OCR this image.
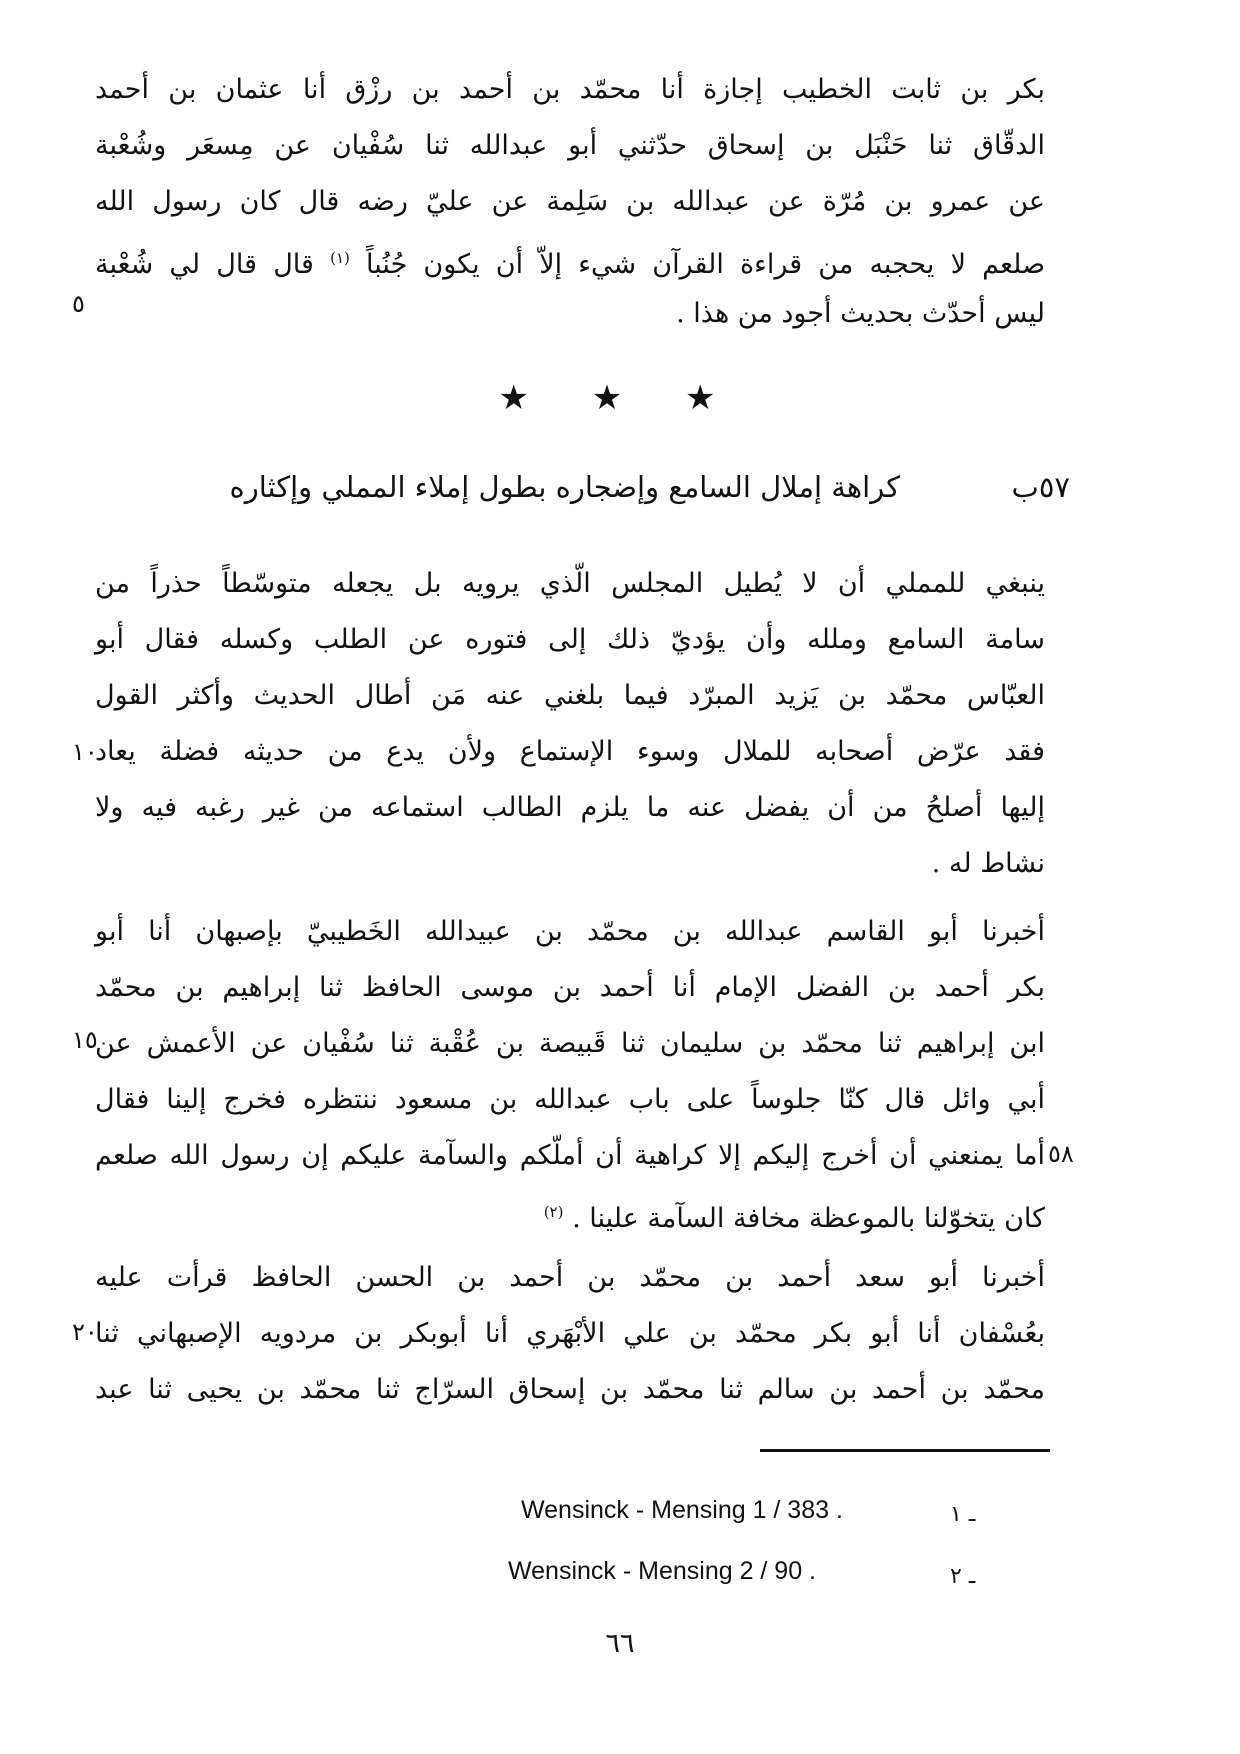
بكر بن ثابت الخطيب إجازة أنا محمّد بن أحمد بن رزْق أنا عثمان بن أحمد
الدقّاق ثنا حَنْبَل بن إسحاق حدّثني أبو عبدالله ثنا سُفْيان عن مِسعَر وشُعْبة
عن عمرو بن مُرّة عن عبدالله بن سَلِمة عن عليّ رضه قال كان رسول الله
صلعم لا يحجبه من قراءة القرآن شيء إلاّ أن يكون جُنُباً $^{(١)}$ قال قال لي شُعْبة
ليس أحدّث بحديث أجود من هذا .
٥
★ ★ ★
٥٧ب
كراهة إملال السامع وإضجاره بطول إملاء المملي وإكثاره
ينبغي للمملي أن لا يُطيل المجلس الّذي يرويه بل يجعله متوسّطاً حذراً من
سامة السامع وملله وأن يؤديّ ذلك إلى فتوره عن الطلب وكسله فقال أبو
العبّاس محمّد بن يَزيد المبرّد فيما بلغني عنه مَن أطال الحديث وأكثر القول
فقد عرّض أصحابه للملال وسوء الإستماع ولأن يدع من حديثه فضلة يعاد
إليها أصلحُ من أن يفضل عنه ما يلزم الطالب استماعه من غير رغبه فيه ولا
نشاط له .
١٠
أخبرنا أبو القاسم عبدالله بن محمّد بن عبيدالله الخَطيبيّ بإصبهان أنا أبو
بكر أحمد بن الفضل الإمام أنا أحمد بن موسى الحافظ ثنا إبراهيم بن محمّد
ابن إبراهيم ثنا محمّد بن سليمان ثنا قَبيصة بن عُقْبة ثنا سُفْيان عن الأعمش عن
أبي وائل قال كنّا جلوساً على باب عبدالله بن مسعود ننتظره فخرج إلينا فقال
أما يمنعني أن أخرج إليكم إلا كراهية أن أملّكم والسآمة عليكم إن رسول الله صلعم
كان يتخوّلنا بالموعظة مخافة السآمة علينا . $^{(٢)}$
١٥
٥٨
أخبرنا أبو سعد أحمد بن محمّد بن أحمد بن الحسن الحافظ قرأت عليه
بعُسْفان أنا أبو بكر محمّد بن علي الأبْهَري أنا أبوبكر بن مردويه الإصبهاني ثنا
محمّد بن أحمد بن سالم ثنا محمّد بن إسحاق السرّاج ثنا محمّد بن يحيى ثنا عبد
٢٠
Wensinck - Mensing 1 / 383 .	ـ ١
Wensinck - Mensing 2 / 90 .	ـ ٢
٦٦
